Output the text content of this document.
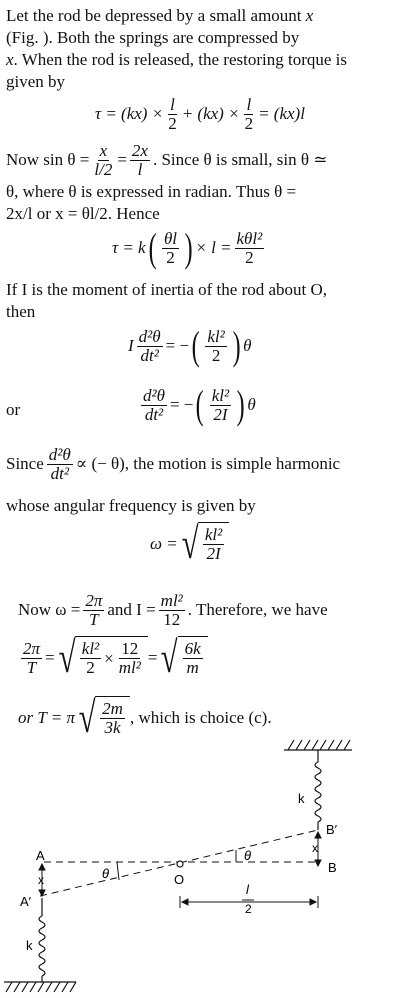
Let the rod be depressed by a small amount x
(Fig. ). Both the springs are compressed by
x. When the rod is released, the restoring torque is
given by
$\tau = (kx) \times \frac{l}{2} + (kx) \times \frac{l}{2} = (kx)l$
Now $\sin \theta = \frac{x}{l/2} = \frac{2x}{l}$ . Since θ is small, sin θ ≃
θ, where θ is expressed in radian. Thus θ =
2x/l or x = θl/2. Hence
τ = k ( $\frac{\theta l}{2}$ ) × $l = \frac{\text{kθl²}}{2}$
If I is the moment of inertia of the rod about O,
then
I $\frac{\text{d²θ}}{\text{dt²}}$ = − ( $\frac{\text{kl²}}{2}$ ) θ
or	$\frac{\text{d²θ}}{\text{dt²}}$ = − ( $\frac{\text{kl²}}{2I}$ ) θ
Since $\frac{\text{d²θ}}{\text{dt²}}$ ∝ (− θ), the motion is simple harmonic
whose angular frequency is given by
ω = √ $\frac{\text{kl²}}{2I}$
Now $\omega = \frac{2\pi}{T}$ and $I = \frac{\text{ml²}}{12}$ . Therefore, we have
$\frac{2\pi}{T}$ = √ $\frac{\text{kl²}}{2} \times \frac{12}{\text{ml²}}$ = √ $\frac{6k}{m}$
or T = π √ $\frac{2m}{3k}$ , which is choice (c).
k
B′
x
B
O
θ
θ
A
x
A′
l
2
k
